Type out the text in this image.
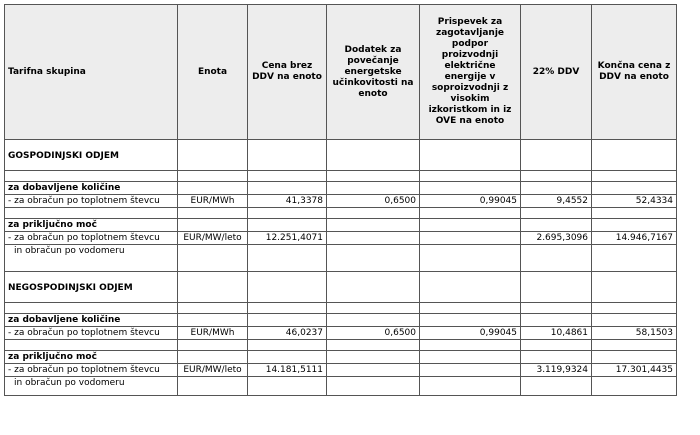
Tarifna skupina	Enota	Cena brez DDV na enoto	Dodatek za povečanje energetske učinkovitosti na enoto	Prispevek za zagotavljanje podpor proizvodnji električne energije v soproizvodnji z visokim izkoristkom in iz OVE na enoto	22% DDV	Končna cena z DDV na enoto
GOSPODINJSKI ODJEM						

za dobavljene količine						
- za obračun po toplotnem števcu	EUR/MWh	41,3378	0,6500	0,99045	9,4552	52,4334

za priključno moč						
- za obračun po toplotnem števcu	EUR/MW/leto	12.251,4071			2.695,3096	14.946,7167
in obračun po vodomeru						
NEGOSPODINJSKI ODJEM						

za dobavljene količine						
- za obračun po toplotnem števcu	EUR/MWh	46,0237	0,6500	0,99045	10,4861	58,1503

za priključno moč						
- za obračun po toplotnem števcu	EUR/MW/leto	14.181,5111			3.119,9324	17.301,4435
in obračun po vodomeru						
